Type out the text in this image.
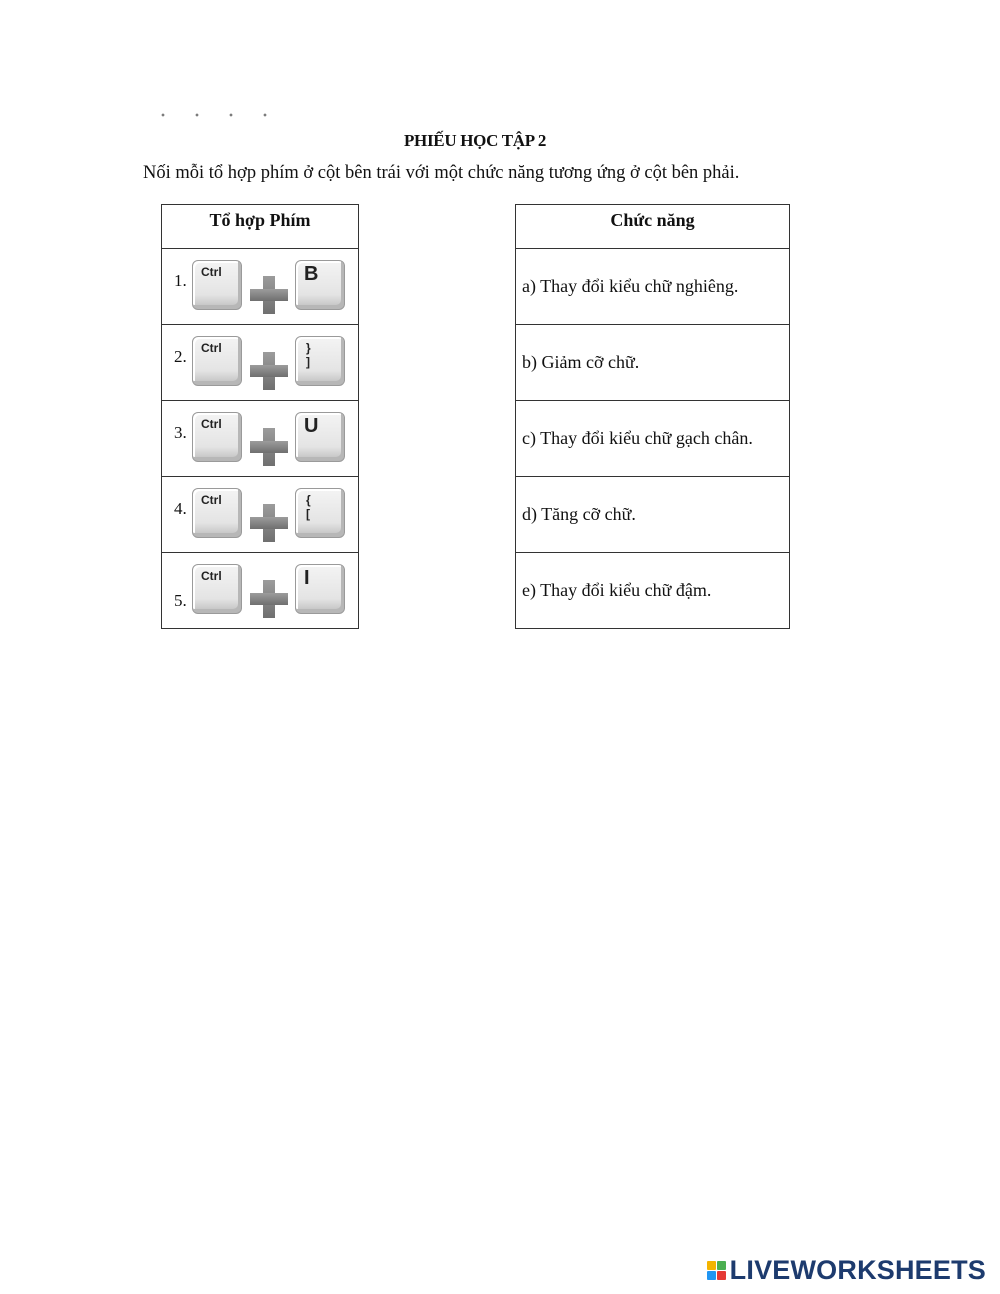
PHIẾU HỌC TẬP 2
Nối mỗi tổ hợp phím ở cột bên trái với một chức năng tương ứng ở cột bên phải.
Tổ hợp Phím

1. Ctrl	B

2. Ctrl	}
]

3. Ctrl	U

4. Ctrl	{
[

5.
Ctrl	I
Chức năng
a) Thay đổi kiểu chữ nghiêng.
b) Giảm cỡ chữ.
c) Thay đổi kiểu chữ gạch chân.
d) Tăng cỡ chữ.
e) Thay đổi kiểu chữ đậm.
LIVEWORKSHEETS
